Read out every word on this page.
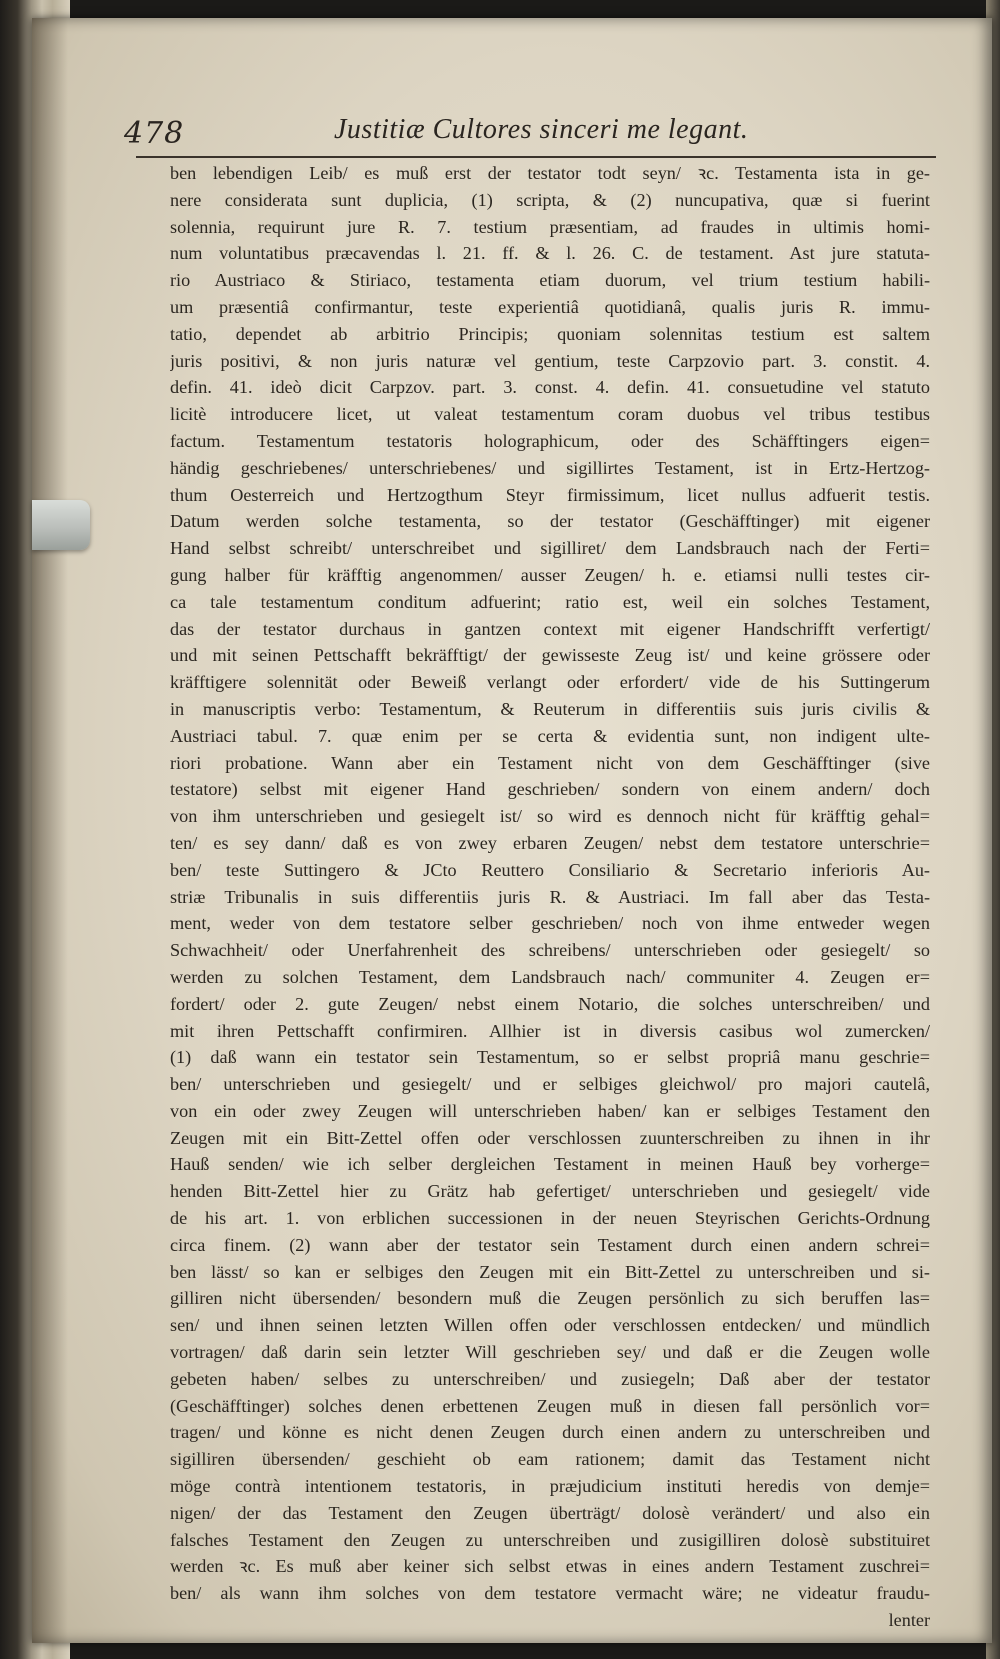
478	Justitiæ Cultores sinceri me legant.
ben lebendigen Leib/ es muß erst der testator todt seyn/ ꝛc. Testamenta ista in ge-
nere considerata sunt duplicia, (1) scripta, & (2) nuncupativa, quæ si fuerint
solennia, requirunt jure R. 7. testium præsentiam, ad fraudes in ultimis homi-
num voluntatibus præcavendas l. 21. ff. & l. 26. C. de testament. Ast jure statuta-
rio Austriaco & Stiriaco, testamenta etiam duorum, vel trium testium habili-
um præsentiâ confirmantur, teste experientiâ quotidianâ, qualis juris R. immu-
tatio, dependet ab arbitrio Principis; quoniam solennitas testium est saltem
juris positivi, & non juris naturæ vel gentium, teste Carpzovio part. 3. constit. 4.
defin. 41. ideò dicit Carpzov. part. 3. const. 4. defin. 41. consuetudine vel statuto
licitè introducere licet, ut valeat testamentum coram duobus vel tribus testibus
factum. Testamentum testatoris holographicum, oder des Schäfftingers eigen=
händig geschriebenes/ unterschriebenes/ und sigillirtes Testament, ist in Ertz-Hertzog-
thum Oesterreich und Hertzogthum Steyr firmissimum, licet nullus adfuerit testis.
Datum werden solche testamenta, so der testator (Geschäfftinger) mit eigener
Hand selbst schreibt/ unterschreibet und sigilliret/ dem Landsbrauch nach der Ferti=
gung halber für kräfftig angenommen/ ausser Zeugen/ h. e. etiamsi nulli testes cir-
ca tale testamentum conditum adfuerint; ratio est, weil ein solches Testament,
das der testator durchaus in gantzen context mit eigener Handschrifft verfertigt/
und mit seinen Pettschafft bekräfftigt/ der gewisseste Zeug ist/ und keine grössere oder
kräfftigere solennität oder Beweiß verlangt oder erfordert/ vide de his Suttingerum
in manuscriptis verbo: Testamentum, & Reuterum in differentiis suis juris civilis &
Austriaci tabul. 7. quæ enim per se certa & evidentia sunt, non indigent ulte-
riori probatione. Wann aber ein Testament nicht von dem Geschäfftinger (sive
testatore) selbst mit eigener Hand geschrieben/ sondern von einem andern/ doch
von ihm unterschrieben und gesiegelt ist/ so wird es dennoch nicht für kräfftig gehal=
ten/ es sey dann/ daß es von zwey erbaren Zeugen/ nebst dem testatore unterschrie=
ben/ teste Suttingero & JCto Reuttero Consiliario & Secretario inferioris Au-
striæ Tribunalis in suis differentiis juris R. & Austriaci. Im fall aber das Testa-
ment, weder von dem testatore selber geschrieben/ noch von ihme entweder wegen
Schwachheit/ oder Unerfahrenheit des schreibens/ unterschrieben oder gesiegelt/ so
werden zu solchen Testament, dem Landsbrauch nach/ communiter 4. Zeugen er=
fordert/ oder 2. gute Zeugen/ nebst einem Notario, die solches unterschreiben/ und
mit ihren Pettschafft confirmiren. Allhier ist in diversis casibus wol zumercken/
(1) daß wann ein testator sein Testamentum, so er selbst propriâ manu geschrie=
ben/ unterschrieben und gesiegelt/ und er selbiges gleichwol/ pro majori cautelâ,
von ein oder zwey Zeugen will unterschrieben haben/ kan er selbiges Testament den
Zeugen mit ein Bitt-Zettel offen oder verschlossen zuunterschreiben zu ihnen in ihr
Hauß senden/ wie ich selber dergleichen Testament in meinen Hauß bey vorherge=
henden Bitt-Zettel hier zu Grätz hab gefertiget/ unterschrieben und gesiegelt/ vide
de his art. 1. von erblichen successionen in der neuen Steyrischen Gerichts-Ordnung
circa finem. (2) wann aber der testator sein Testament durch einen andern schrei=
ben lässt/ so kan er selbiges den Zeugen mit ein Bitt-Zettel zu unterschreiben und si-
gilliren nicht übersenden/ besondern muß die Zeugen persönlich zu sich beruffen las=
sen/ und ihnen seinen letzten Willen offen oder verschlossen entdecken/ und mündlich
vortragen/ daß darin sein letzter Will geschrieben sey/ und daß er die Zeugen wolle
gebeten haben/ selbes zu unterschreiben/ und zusiegeln; Daß aber der testator
(Geschäfftinger) solches denen erbettenen Zeugen muß in diesen fall persönlich vor=
tragen/ und könne es nicht denen Zeugen durch einen andern zu unterschreiben und
sigilliren übersenden/ geschieht ob eam rationem; damit das Testament nicht
möge contrà intentionem testatoris, in præjudicium instituti heredis von demje=
nigen/ der das Testament den Zeugen überträgt/ dolosè verändert/ und also ein
falsches Testament den Zeugen zu unterschreiben und zusigilliren dolosè substituiret
werden ꝛc. Es muß aber keiner sich selbst etwas in eines andern Testament zuschrei=
ben/ als wann ihm solches von dem testatore vermacht wäre; ne videatur fraudu-
lenter
